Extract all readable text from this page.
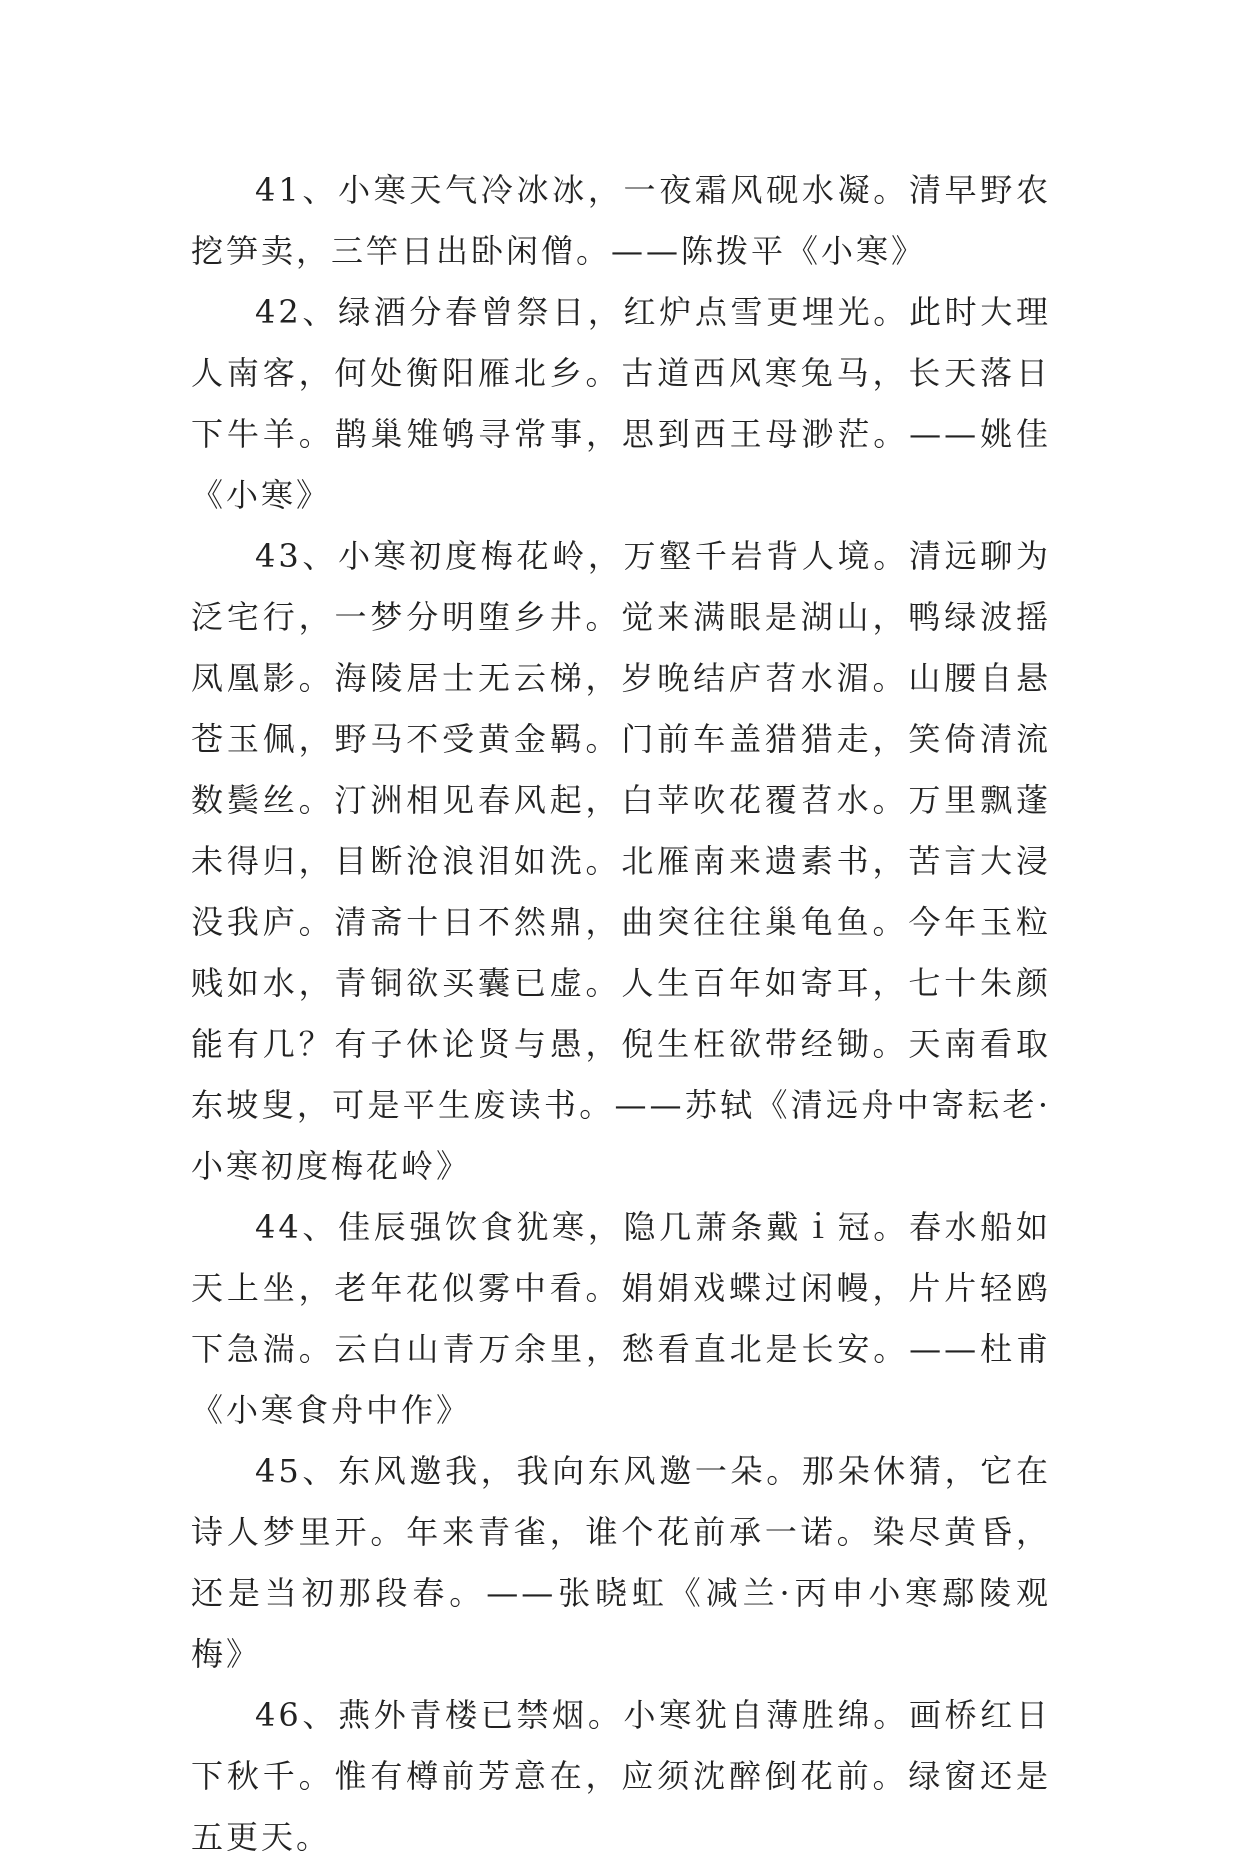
41、小寒天气冷冰冰，一夜霜风砚水凝。清早野农挖笋卖，三竿日出卧闲僧。——陈拨平《小寒》

42、绿酒分春曾祭日，红炉点雪更埋光。此时大理人南客，何处衡阳雁北乡。古道西风寒兔马，长天落日下牛羊。鹊巢雉鸲寻常事，思到西王母渺茫。——姚佳《小寒》

43、小寒初度梅花岭，万壑千岩背人境。清远聊为泛宅行，一梦分明堕乡井。觉来满眼是湖山，鸭绿波摇凤凰影。海陵居士无云梯，岁晚结庐苕水湄。山腰自悬苍玉佩，野马不受黄金羁。门前车盖猎猎走，笑倚清流数鬓丝。汀洲相见春风起，白苹吹花覆苕水。万里飘蓬未得归，目断沧浪泪如洗。北雁南来遗素书，苦言大浸没我庐。清斋十日不然鼎，曲突往往巢龟鱼。今年玉粒贱如水，青铜欲买囊已虚。人生百年如寄耳，七十朱颜能有几？有子休论贤与愚，倪生枉欲带经锄。天南看取东坡叟，可是平生废读书。——苏轼《清远舟中寄耘老·小寒初度梅花岭》

44、佳辰强饮食犹寒，隐几萧条戴ｉ冠。春水船如天上坐，老年花似雾中看。娟娟戏蝶过闲幔，片片轻鸥下急湍。云白山青万余里，愁看直北是长安。——杜甫《小寒食舟中作》

45、东风邀我，我向东风邀一朵。那朵休猜，它在诗人梦里开。年来青雀，谁个花前承一诺。染尽黄昏，还是当初那段春。——张晓虹《减兰·丙申小寒鄢陵观梅》

46、燕外青楼已禁烟。小寒犹自薄胜绵。画桥红日下秋千。惟有樽前芳意在，应须沈醉倒花前。绿窗还是五更天。
